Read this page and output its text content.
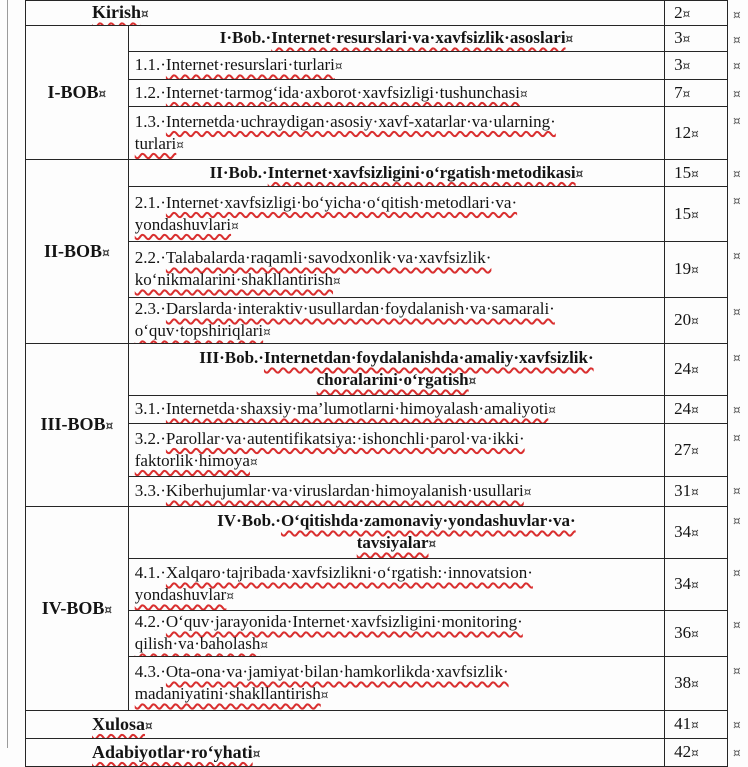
Kirish¤		2¤	¤
I-BOB¤	I·Bob.·Internet·resurslari·va·xavfsizlik·asoslari¤	3¤	¤

	1.1.·Internet·resurslari·turlari¤	3¤	¤

	1.2.·Internet·tarmog‘ida·axborot·xavfsizligi·tushunchasi¤	7¤	¤

	1.3.·Internetda·uchraydigan·asosiy·xavf-xatarlar·va·ularning·
turlari¤	12¤	¤
II-BOB¤	II·Bob.·Internet·xavfsizligini·o‘rgatish·metodikasi¤	15¤	¤

	2.1.·Internet·xavfsizligi·bo‘yicha·o‘qitish·metodlari·va·
yondashuvlari¤	15¤	¤

	2.2.·Talabalarda·raqamli·savodxonlik·va·xavfsizlik·
ko‘nikmalarini·shakllantirish¤	19¤	¤

	2.3.·Darslarda·interaktiv·usullardan·foydalanish·va·samarali·
o‘quv·topshiriqlari¤	20¤	¤
III-BOB¤	III·Bob.·Internetdan·foydalanishda·amaliy·xavfsizlik·
choralarini·o‘rgatish¤	24¤	¤

	3.1.·Internetda·shaxsiy·ma’lumotlarni·himoyalash·amaliyoti¤	24¤	¤

	3.2.·Parollar·va·autentifikatsiya:·ishonchli·parol·va·ikki·
faktorlik·himoya¤	27¤	¤

	3.3.·Kiberhujumlar·va·viruslardan·himoyalanish·usullari¤	31¤	¤
IV-BOB¤	IV·Bob.·O‘qitishda·zamonaviy·yondashuvlar·va·
tavsiyalar¤	34¤	¤

	4.1.·Xalqaro·tajribada·xavfsizlikni·o‘rgatish:·innovatsion·
yondashuvlar¤	34¤	¤

	4.2.·O‘quv·jarayonida·Internet·xavfsizligini·monitoring·
qilish·va·baholash¤	36¤	¤

	4.3.·Ota-ona·va·jamiyat·bilan·hamkorlikda·xavfsizlik·
madaniyatini·shakllantirish¤	38¤	¤

Xulosa¤		41¤	¤

Adabiyotlar·ro‘yhati¤		42¤	¤
